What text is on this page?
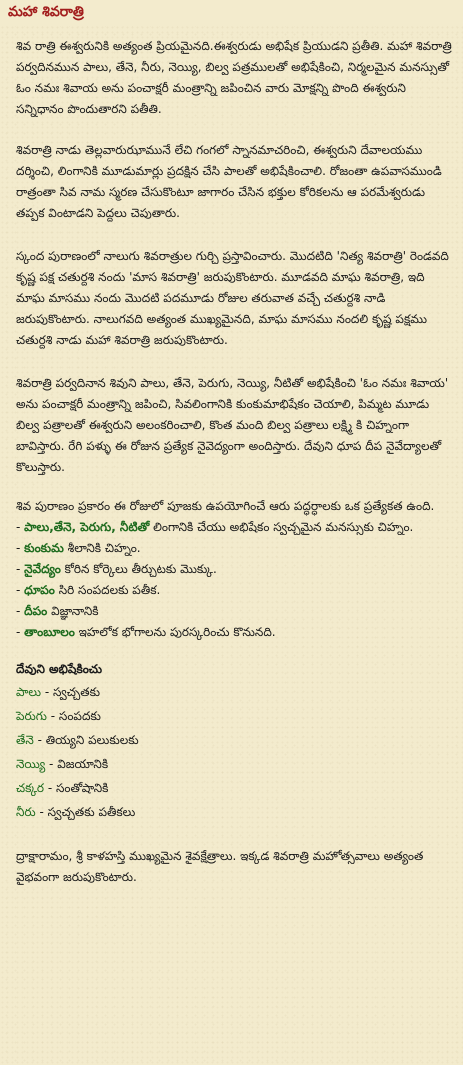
మహా శివరాత్రి

శివ రాత్రి ఈశ్వరునికి అత్యంత ప్రియమైనది.ఈశ్వరుడు అభిషేక ప్రియుడని ప్రతీతి. మహా శివరాత్రి పర్వదినమున పాలు, తేనె, నీరు, నెయ్యి, బిల్వ పత్రములతో అభిషేకించి, నిర్మలమైన మనస్సుతో ఓం నమః శివాయ అను పంచాక్షరీ మంత్రాన్ని జపించిన వారు మోక్షన్ని పొంది ఈశ్వరుని సన్నిధానం పొందుతారని పతీతి.

శివరాత్రి నాడు తెల్లవారుఝామునే లేచి గంగలో స్నానమాచరించి, ఈశ్వరుని దేవాలయము దర్శించి, లింగానికి మూడుమార్లు ప్రదక్షిన చేసి పాలతో అభిషేకించాలి. రోజంతా ఉపవాసముండి రాత్రంతా సివ నామ స్మరణ చేసుకొంటూ జాగారం చేసిన భక్తుల కోరికలను ఆ పరమేశ్వరుడు తప్పక వింటాడని పెద్దలు చెపుతారు.

స్కంద పురాణంలో నాలుగు శివరాత్రుల గుర్చి ప్రస్తావించారు. మొదటిది 'నిత్య శివరాత్రి' రెండవది కృష్ణ పక్ష చతుర్దశి నందు 'మాస శివరాత్రి' జరుపుకొంటారు. మూడవది మాఘ శివరాత్రి, ఇది మాఘ మాసము నందు మొదటి పదమూడు రోజుల తరువాత వచ్చే చతుర్దశి నాడి జరుపుకొంటారు. నాలుగవది అత్యంత ముఖ్యమైనది, మాఘ మాసము నందలి కృష్ణ పక్షము చతుర్దశి నాడు మహా శివరాత్రి జరుపుకొంటారు.

శివరాత్రి పర్వదినాన శివుని పాలు, తేనె, పెరుగు, నెయ్యి, నీటితో అభిషేకించి 'ఓం నమః శివాయ' అను పంచాక్షరీ మంత్రాన్ని జపించి, సివలింగానికి కుంకుమాభిషేకం చెయాలి, పిమ్మట మూడు బిల్వ పత్రాలతో ఈశ్వరుని అలంకరించాలి, కొంత మంది బిల్వ పత్రాలు లక్ష్మి కి చిహ్నంగా బావిస్తారు. రేగి పళ్ళు ఈ రోజున ప్రత్యేక నైవెద్యంగా అందిస్తారు. దేవుని ధూప దీప నైవేద్యాలతో కొలుస్తారు.

శివ పురాణం ప్రకారం ఈ రోజులో పూజకు ఉపయోగించే ఆరు పద్ధర్ధాలకు ఒక ప్రత్యేకత ఉంది.
- పాలు,తేనె, పెరుగు, నీటితో లింగానికి చేయు అభిషేకం స్వచ్చమైన మనస్సుకు చిహ్నం.
- కుంకుమ శీలానికి చిహ్నం.
- నైవేద్యం కోరిన కోర్కెలు తీర్చుటకు మొక్కు.
- ధూపం సిరి సంపదలకు పతీక.
- దీపం విజ్ఞానానికి
- తాంబూలం ఇహలోక భోగాలను పురస్కరించు కొనునది.

దేవుని అభిషేకించు

పాలు - స్వచ్చతకు
పెరుగు - సంపదకు
తేనె - తియ్యని పలుకులకు
నెయ్యి - విజయానికి
చక్కర - సంతోషానికి
నీరు - స్వచ్చతకు పతీకలు

ద్రాక్షారామం, శ్రీ కాళహస్తి ముఖ్యమైన శైవక్షేత్రాలు. ఇక్కడ శివరాత్రి మహోత్సవాలు అత్యంత వైభవంగా జరుపుకొంటారు.
